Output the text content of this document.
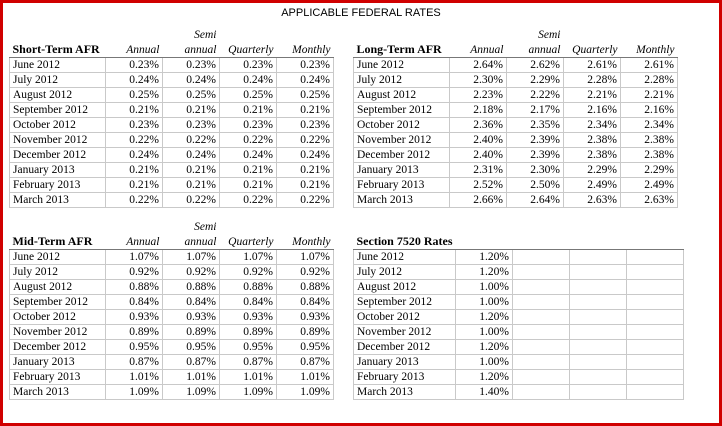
APPLICABLE FEDERAL RATES
		Semi		
Short-Term AFR	Annual	annual	Quarterly	Monthly
June 2012	0.23%	0.23%	0.23%	0.23%
July 2012	0.24%	0.24%	0.24%	0.24%
August 2012	0.25%	0.25%	0.25%	0.25%
September 2012	0.21%	0.21%	0.21%	0.21%
October 2012	0.23%	0.23%	0.23%	0.23%
November 2012	0.22%	0.22%	0.22%	0.22%
December 2012	0.24%	0.24%	0.24%	0.24%
January 2013	0.21%	0.21%	0.21%	0.21%
February 2013	0.21%	0.21%	0.21%	0.21%
March 2013	0.22%	0.22%	0.22%	0.22%
		Semi		
Long-Term AFR	Annual	annual	Quarterly	Monthly
June 2012	2.64%	2.62%	2.61%	2.61%
July 2012	2.30%	2.29%	2.28%	2.28%
August 2012	2.23%	2.22%	2.21%	2.21%
September 2012	2.18%	2.17%	2.16%	2.16%
October 2012	2.36%	2.35%	2.34%	2.34%
November 2012	2.40%	2.39%	2.38%	2.38%
December 2012	2.40%	2.39%	2.38%	2.38%
January 2013	2.31%	2.30%	2.29%	2.29%
February 2013	2.52%	2.50%	2.49%	2.49%
March 2013	2.66%	2.64%	2.63%	2.63%
		Semi		
Mid-Term AFR	Annual	annual	Quarterly	Monthly
June 2012	1.07%	1.07%	1.07%	1.07%
July 2012	0.92%	0.92%	0.92%	0.92%
August 2012	0.88%	0.88%	0.88%	0.88%
September 2012	0.84%	0.84%	0.84%	0.84%
October 2012	0.93%	0.93%	0.93%	0.93%
November 2012	0.89%	0.89%	0.89%	0.89%
December 2012	0.95%	0.95%	0.95%	0.95%
January 2013	0.87%	0.87%	0.87%	0.87%
February 2013	1.01%	1.01%	1.01%	1.01%
March 2013	1.09%	1.09%	1.09%	1.09%

Section 7520 Rates				
June 2012	1.20%			
July 2012	1.20%			
August 2012	1.00%			
September 2012	1.00%			
October 2012	1.20%			
November 2012	1.00%			
December 2012	1.20%			
January 2013	1.00%			
February 2013	1.20%			
March 2013	1.40%			
